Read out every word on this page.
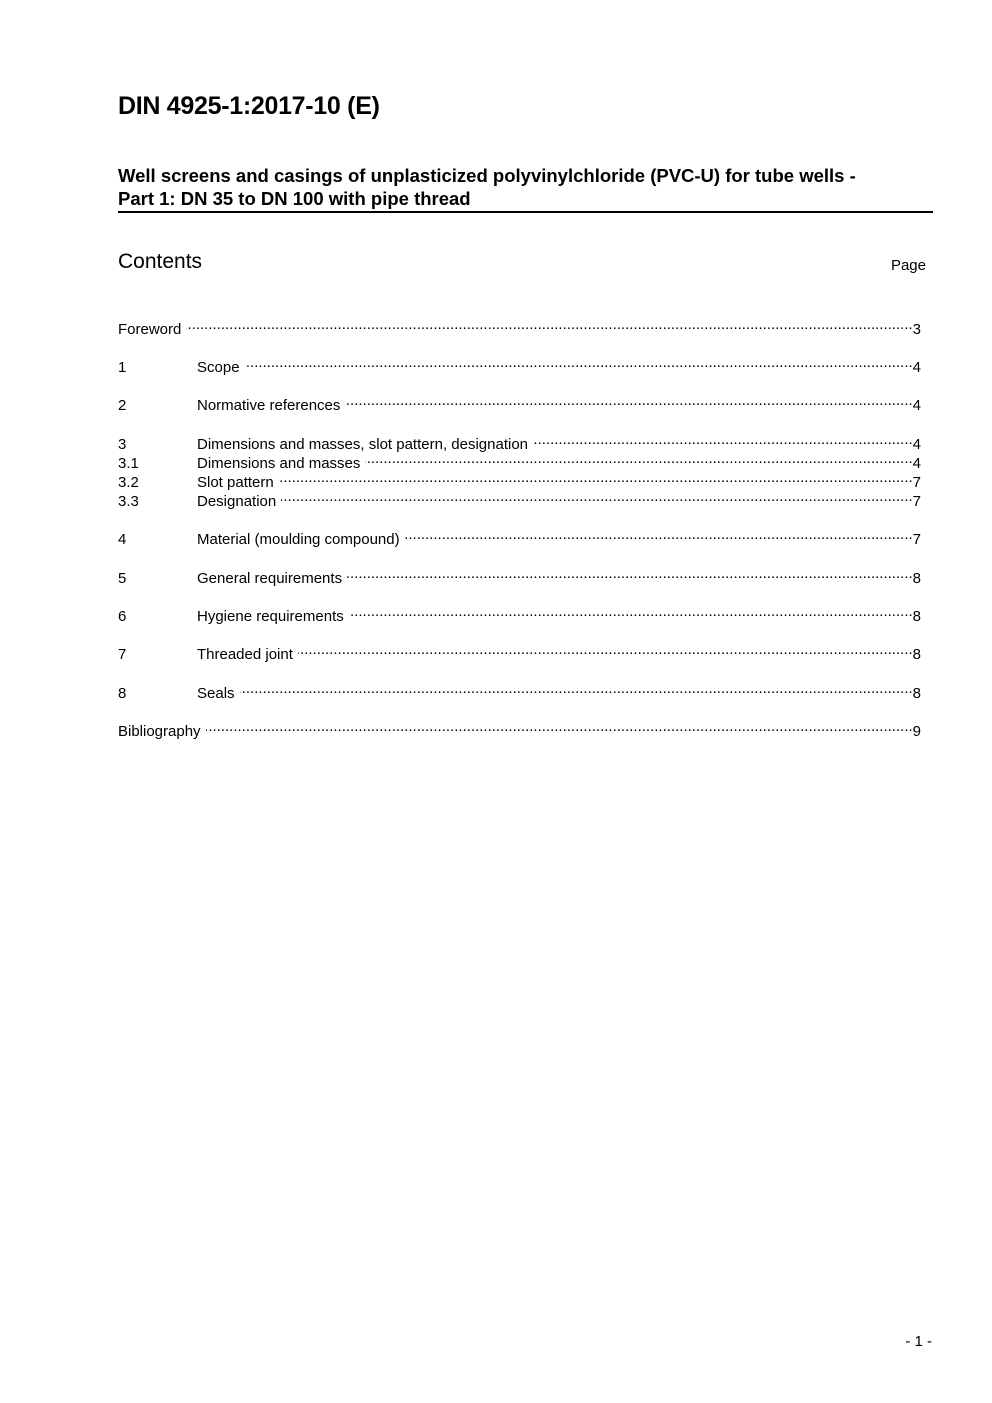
DIN 4925-1:2017-10 (E)
Well screens and casings of unplasticized polyvinylchloride (PVC-U) for tube wells -
Part 1: DN 35 to DN 100 with pipe thread
Contents	Page
Foreword .....	3
1	Scope .....	4
2	Normative references .....	4
3	Dimensions and masses, slot pattern, designation .....	4
3.1	Dimensions and masses .....	4
3.2	Slot pattern .....	7
3.3	Designation .....	7
4	Material (moulding compound) .....	7
5	General requirements .....	8
6	Hygiene requirements .....	8
7	Threaded joint .....	8
8	Seals .....	8
Bibliography .....	9
- 1 -
